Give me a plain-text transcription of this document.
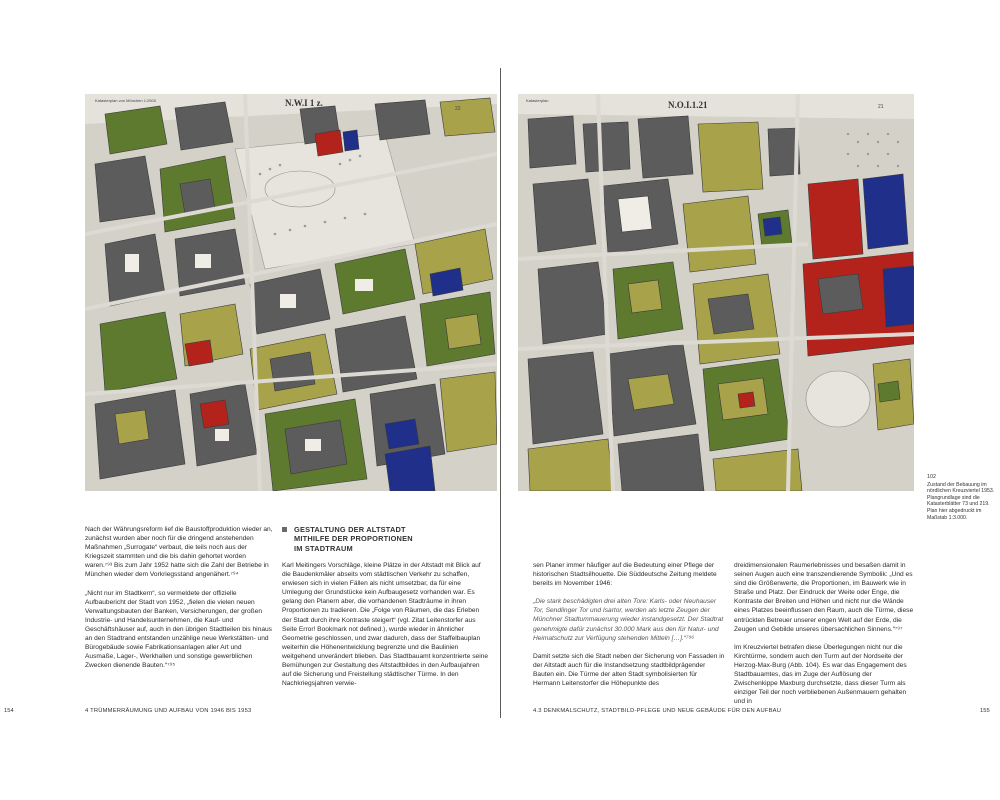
N.W.I 1 z.
Katasterplan von München 1:2500
22	N.O.I.1.21
Katasterplan
21
102
Zustand der Bebauung im nördlichen Kreuzviertel 1953. Plangrundlage sind die Katasterblätter 73 und 219. Plan hier abgedruckt im Maßstab 1:3.000.

Nach der Währungsreform lief die Baustoffproduktion wieder an, zunächst wurden aber noch für die dringend anstehenden Maßnahmen „Surrogate“ verbaut, die teils noch aus der Kriegszeit stammten und die bis dahin gehortet worden waren.⁷⁹³ Bis zum Jahr 1952 hatte sich die Zahl der Betriebe in München wieder dem Vorkriegsstand angenähert.⁷⁹⁴

„Nicht nur im Stadtkern“, so vermeldete der offizielle Aufbaubericht der Stadt von 1952, „fielen die vielen neuen Verwaltungsbauten der Banken, Versicherungen, der großen Industrie- und Handelsunternehmen, die Kauf- und Geschäftshäuser auf, auch in den übrigen Stadtteilen bis hinaus an den Stadtrand entstanden unzählige neue Werkstätten- und Bürogebäude sowie Fabrikationsanlagen aller Art und Ausmaße, Lager-, Werkhallen und sonstige gewerblichen Zwecken dienende Bauten.“⁷⁹⁵

GESTALTUNG DER ALTSTADT
MITHILFE DER PROPORTIONEN
IM STADTRAUM

Karl Meitingers Vorschläge, kleine Plätze in der Altstadt mit Blick auf die Baudenkmäler abseits vom städtischen Verkehr zu schaffen, erwiesen sich in vielen Fällen als nicht umsetzbar, da für eine Umlegung der Grundstücke kein Aufbaugesetz vorhanden war. Es gelang den Planern aber, die vorhandenen Stadträume in ihren Proportionen zu tradieren. Die „Folge von Räumen, die das Erleben der Stadt durch ihre Kontraste steigert“ (vgl. Zitat Leitenstorfer aus Seite Error! Bookmark not defined.), wurde wieder in ähnlicher Geometrie geschlossen, und zwar dadurch, dass der Staffelbauplan weiterhin die Höhenentwicklung begrenzte und die Baulinien weitgehend unverändert blieben. Das Stadtbauamt konzentrierte seine Bemühungen zur Gestaltung des Altstadtbildes in den Aufbaujahren auf die Sicherung und Freistellung städtischer Türme. In den Nachkriegsjahren verwie-

sen Planer immer häufiger auf die Bedeutung einer Pflege der historischen Stadtsilhouette. Die Süddeutsche Zeitung meldete bereits im November 1946:

„Die stark beschädigten drei alten Tore: Karls- oder Neuhauser Tor, Sendlinger Tor und Isartor, werden als letzte Zeugen der Münchner Stadtummauerung wieder instandgesetzt. Der Stadtrat genehmigte dafür zunächst 30.000 Mark aus den für Natur- und Heimatschutz zur Verfügung stehenden Mitteln […].“⁷⁹⁶

Damit setzte sich die Stadt neben der Sicherung von Fassaden in der Altstadt auch für die Instandsetzung stadtbildprägender Bauten ein. Die Türme der alten Stadt symbolisierten für Hermann Leitenstorfer die Höhepunkte des

dreidimensionalen Raumerlebnisses und besaßen damit in seinen Augen auch eine transzendierende Symbolik: „Und es sind die Größenwerte, die Proportionen, im Bauwerk wie in Straße und Platz. Der Eindruck der Weite oder Enge, die Kontraste der Breiten und Höhen und nicht nur die Wände eines Platzes beeinflussen den Raum, auch die Türme, diese entrückten Betreuer unserer engen Welt auf der Erde, die Zeugen und Gebilde unseres übersachlichen Sinnens.“⁷⁹⁷

Im Kreuzviertel betrafen diese Überlegungen nicht nur die Kirchtürme, sondern auch den Turm auf der Nordseite der Herzog-Max-Burg (Abb. 104). Es war das Engagement des Stadtbauamtes, das im Zuge der Auflösung der Zwischenkippe Maxburg durchsetzte, dass dieser Turm als einziger Teil der noch verbliebenen Außenmauern gehalten und in

154	4 TRÜMMERRÄUMUNG UND AUFBAU VON 1946 BIS 1953	4.3 DENKMALSCHUTZ, STADTBILD-PFLEGE UND NEUE GEBÄUDE FÜR DEN AUFBAU	155
